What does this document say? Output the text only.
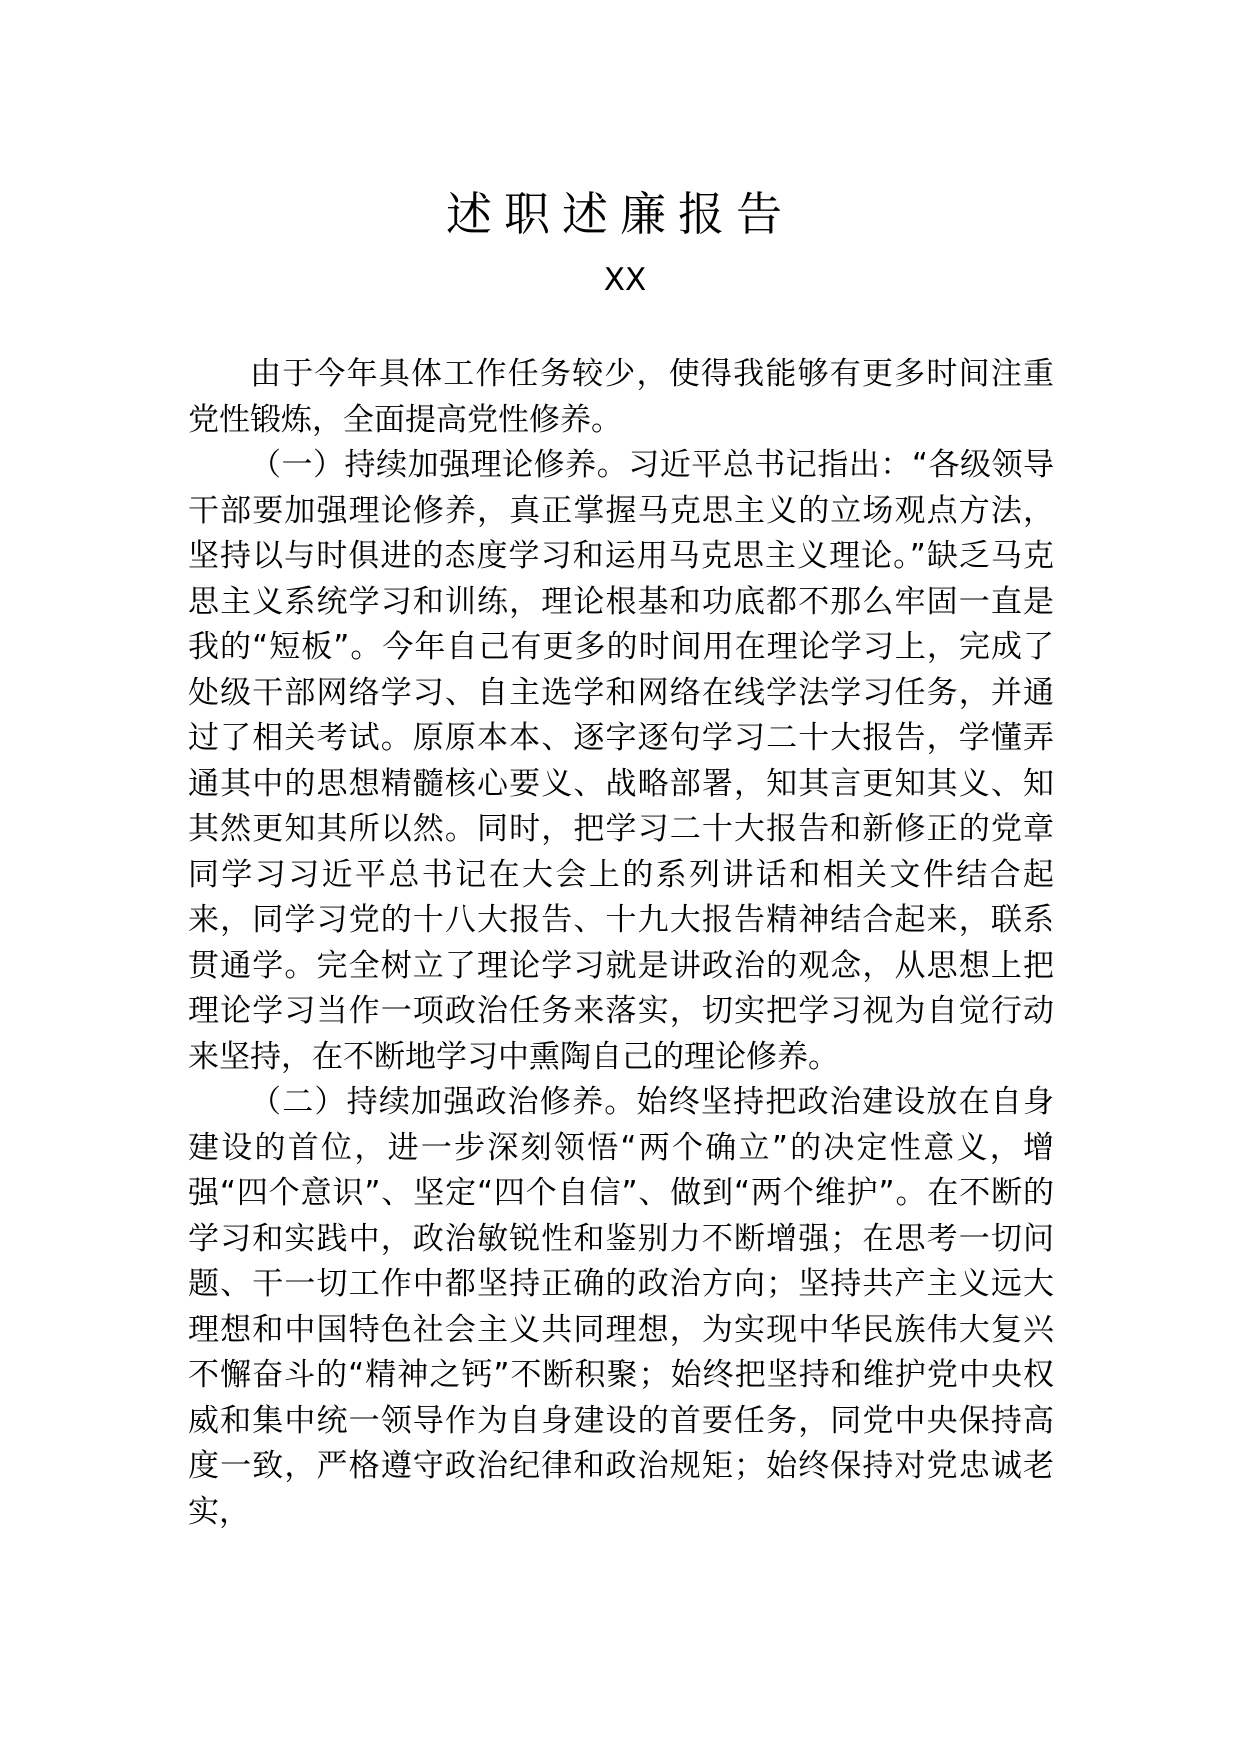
述职述廉报告
XX

由于今年具体工作任务较少，使得我能够有更多时间注重党性锻炼，全面提高党性修养。

（一）持续加强理论修养。习近平总书记指出：“各级领导干部要加强理论修养，真正掌握马克思主义的立场观点方法，坚持以与时俱进的态度学习和运用马克思主义理论。”缺乏马克思主义系统学习和训练，理论根基和功底都不那么牢固一直是我的“短板”。今年自己有更多的时间用在理论学习上，完成了处级干部网络学习、自主选学和网络在线学法学习任务，并通过了相关考试。原原本本、逐字逐句学习二十大报告，学懂弄通其中的思想精髓核心要义、战略部署，知其言更知其义、知其然更知其所以然。同时，把学习二十大报告和新修正的党章同学习习近平总书记在大会上的系列讲话和相关文件结合起来，同学习党的十八大报告、十九大报告精神结合起来，联系贯通学。完全树立了理论学习就是讲政治的观念，从思想上把理论学习当作一项政治任务来落实，切实把学习视为自觉行动来坚持，在不断地学习中熏陶自己的理论修养。

（二）持续加强政治修养。始终坚持把政治建设放在自身建设的首位，进一步深刻领悟“两个确立”的决定性意义，增强“四个意识”、坚定“四个自信”、做到“两个维护”。在不断的学习和实践中，政治敏锐性和鉴别力不断增强；在思考一切问题、干一切工作中都坚持正确的政治方向；坚持共产主义远大理想和中国特色社会主义共同理想，为实现中华民族伟大复兴不懈奋斗的“精神之钙”不断积聚；始终把坚持和维护党中央权威和集中统一领导作为自身建设的首要任务，同党中央保持高度一致，严格遵守政治纪律和政治规矩；始终保持对党忠诚老实，
